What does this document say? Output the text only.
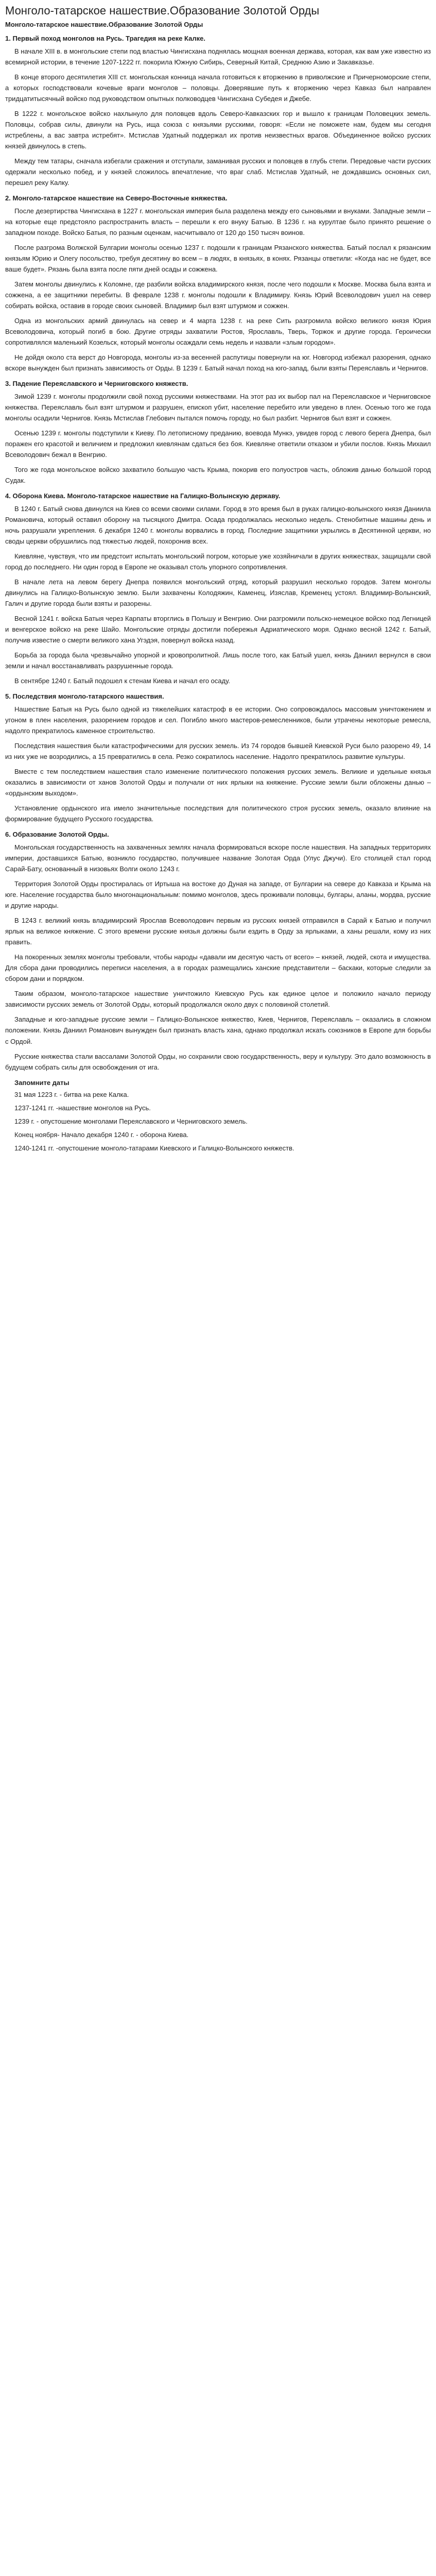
Монголо-татарское нашествие.Образование Золотой Орды
Монголо-татарское нашествие.Образование Золотой Орды
1. Первый поход монголов на Русь. Трагедия на реке Калке.

В начале XIII в. в монгольские степи под властью Чингисхана поднялась мощная военная держава, которая, как вам уже известно из всемирной истории, в течение 1207-1222 гг. покорила Южную Сибирь, Северный Китай, Среднюю Азию и Закавказье.

В конце второго десятилетия XIII ст. монгольская конница начала готовиться к вторжению в приволжские и Причерноморские степи, а которых господствовали кочевые враги монголов – половцы. Доверявшие путь к вторжению через Кавказ был направлен тридцатитысячный войско под руководством опытных полководцев Чингисхана Субедея и Джебе.

В 1222 г. монгольское войско нахлынуло для половцев вдоль Северо-Кавказских гор и вышло к границам Половецких земель. Половцы, собрав силы, двинули на Русь, ища союза с князьями русскими, говоря: «Если не поможете нам, будем мы сегодня истреблены, а вас завтра истребят». Мстислав Удатный поддержал их против неизвестных врагов. Объединенное войско русских князей двинулось в степь.

Между тем татары, сначала избегали сражения и отступали, заманивая русских и половцев в глубь степи. Передовые части русских одержали несколько побед, и у князей сложилось впечатление, что враг слаб. Мстислав Удатный, не дождавшись основных сил, перешел реку Калку.

2. Монголо-татарское нашествие на Северо-Восточные княжества.

После дезертирства Чингисхана в 1227 г. монгольская империя была разделена между его сыновьями и внуками. Западные земли – на которые еще предстояло распространить власть – перешли к его внуку Батыю. В 1236 г. на курултае было принято решение о западном походе. Войско Батыя, по разным оценкам, насчитывало от 120 до 150 тысяч воинов.

После разгрома Волжской Булгарии монголы осенью 1237 г. подошли к границам Рязанского княжества. Батый послал к рязанским князьям Юрию и Олегу посольство, требуя десятину во всем – в людях, в князьях, в конях. Рязанцы ответили: «Когда нас не будет, все ваше будет». Рязань была взята после пяти дней осады и сожжена.

Затем монголы двинулись к Коломне, где разбили войска владимирского князя, после чего подошли к Москве. Москва была взята и сожжена, а ее защитники перебиты. В феврале 1238 г. монголы подошли к Владимиру. Князь Юрий Всеволодович ушел на север собирать войска, оставив в городе своих сыновей. Владимир был взят штурмом и сожжен.

Одна из монгольских армий двинулась на север и 4 марта 1238 г. на реке Сить разгромила войско великого князя Юрия Всеволодовича, который погиб в бою. Другие отряды захватили Ростов, Ярославль, Тверь, Торжок и другие города. Героически сопротивлялся маленький Козельск, который монголы осаждали семь недель и назвали «злым городом».

Не дойдя около ста верст до Новгорода, монголы из-за весенней распутицы повернули на юг. Новгород избежал разорения, однако вскоре вынужден был признать зависимость от Орды. В 1239 г. Батый начал поход на юго-запад, были взяты Переяславль и Чернигов.

3. Падение Переяславского и Черниговского княжеств.

Зимой 1239 г. монголы продолжили свой поход русскими княжествами. На этот раз их выбор пал на Переяславское и Черниговское княжества. Переяславль был взят штурмом и разрушен, епископ убит, население перебито или уведено в плен. Осенью того же года монголы осадили Чернигов. Князь Мстислав Глебович пытался помочь городу, но был разбит. Чернигов был взят и сожжен.

Осенью 1239 г. монголы подступили к Киеву. По летописному преданию, воевода Мункэ, увидев город с левого берега Днепра, был поражен его красотой и величием и предложил киевлянам сдаться без боя. Киевляне ответили отказом и убили послов. Князь Михаил Всеволодович бежал в Венгрию.

Того же года монгольское войско захватило большую часть Крыма, покорив его полуостров часть, обложив данью большой город Судак.

4. Оборона Киева. Монголо-татарское нашествие на Галицко-Волынскую державу.

В 1240 г. Батый снова двинулся на Киев со всеми своими силами. Город в это время был в руках галицко-волынского князя Даниила Романовича, который оставил оборону на тысяцкого Дмитра. Осада продолжалась несколько недель. Стенобитные машины день и ночь разрушали укрепления. 6 декабря 1240 г. монголы ворвались в город. Последние защитники укрылись в Десятинной церкви, но своды церкви обрушились под тяжестью людей, похоронив всех.

Киевляне, чувствуя, что им предстоит испытать монгольский погром, которые уже хозяйничали в других княжествах, защищали свой город до последнего. Ни один город в Европе не оказывал столь упорного сопротивления.

В начале лета на левом берегу Днепра появился монгольский отряд, который разрушил несколько городов. Затем монголы двинулись на Галицко-Волынскую землю. Были захвачены Колодяжин, Каменец, Изяслав, Кременец устоял. Владимир-Волынский, Галич и другие города были взяты и разорены.

Весной 1241 г. войска Батыя через Карпаты вторглись в Польшу и Венгрию. Они разгромили польско-немецкое войско под Легницей и венгерское войско на реке Шайо. Монгольские отряды достигли побережья Адриатического моря. Однако весной 1242 г. Батый, получив известие о смерти великого хана Угэдэя, повернул войска назад.

Борьба за города была чрезвычайно упорной и кровопролитной. Лишь после того, как Батый ушел, князь Даниил вернулся в свои земли и начал восстанавливать разрушенные города.

В сентябре 1240 г. Батый подошел к стенам Киева и начал его осаду.

5. Последствия монголо-татарского нашествия.

Нашествие Батыя на Русь было одной из тяжелейших катастроф в ее истории. Оно сопровождалось массовым уничтожением и угоном в плен населения, разорением городов и сел. Погибло много мастеров-ремесленников, были утрачены некоторые ремесла, надолго прекратилось каменное строительство.

Последствия нашествия были катастрофическими для русских земель. Из 74 городов бывшей Киевской Руси было разорено 49, 14 из них уже не возродились, а 15 превратились в села. Резко сократилось население. Надолго прекратилось развитие культуры.

Вместе с тем последствием нашествия стало изменение политического положения русских земель. Великие и удельные князья оказались в зависимости от ханов Золотой Орды и получали от них ярлыки на княжение. Русские земли были обложены данью – «ордынским выходом».

Установление ордынского ига имело значительные последствия для политического строя русских земель, оказало влияние на формирование будущего Русского государства.

6. Образование Золотой Орды.

Монгольская государственность на захваченных землях начала формироваться вскоре после нашествия. На западных территориях империи, доставшихся Батыю, возникло государство, получившее название Золотая Орда (Улус Джучи). Его столицей стал город Сарай-Бату, основанный в низовьях Волги около 1243 г.

Территория Золотой Орды простиралась от Иртыша на востоке до Дуная на западе, от Булгарии на севере до Кавказа и Крыма на юге. Население государства было многонациональным: помимо монголов, здесь проживали половцы, булгары, аланы, мордва, русские и другие народы.

В 1243 г. великий князь владимирский Ярослав Всеволодович первым из русских князей отправился в Сарай к Батыю и получил ярлык на великое княжение. С этого времени русские князья должны были ездить в Орду за ярлыками, а ханы решали, кому из них править.

На покоренных землях монголы требовали, чтобы народы «давали им десятую часть от всего» – князей, людей, скота и имущества. Для сбора дани проводились переписи населения, а в городах размещались ханские представители – баскаки, которые следили за сбором дани и порядком.

Таким образом, монголо-татарское нашествие уничтожило Киевскую Русь как единое целое и положило начало периоду зависимости русских земель от Золотой Орды, который продолжался около двух с половиной столетий.

Западные и юго-западные русские земли – Галицко-Волынское княжество, Киев, Чернигов, Переяславль – оказались в сложном положении. Князь Даниил Романович вынужден был признать власть хана, однако продолжал искать союзников в Европе для борьбы с Ордой.

Русские княжества стали вассалами Золотой Орды, но сохранили свою государственность, веру и культуру. Это дало возможность в будущем собрать силы для освобождения от ига.

Запомните даты
31 мая 1223 г. - битва на реке Калка.
1237-1241 гг. -нашествие монголов на Русь.
1239 г. - опустошение монголами Переяславского и Черниговского земель.
Конец ноября- Начало декабря 1240 г. - оборона Киева.
1240-1241 гг. -опустошение монголо-татарами Киевского и Галицко-Волынского княжеств.
